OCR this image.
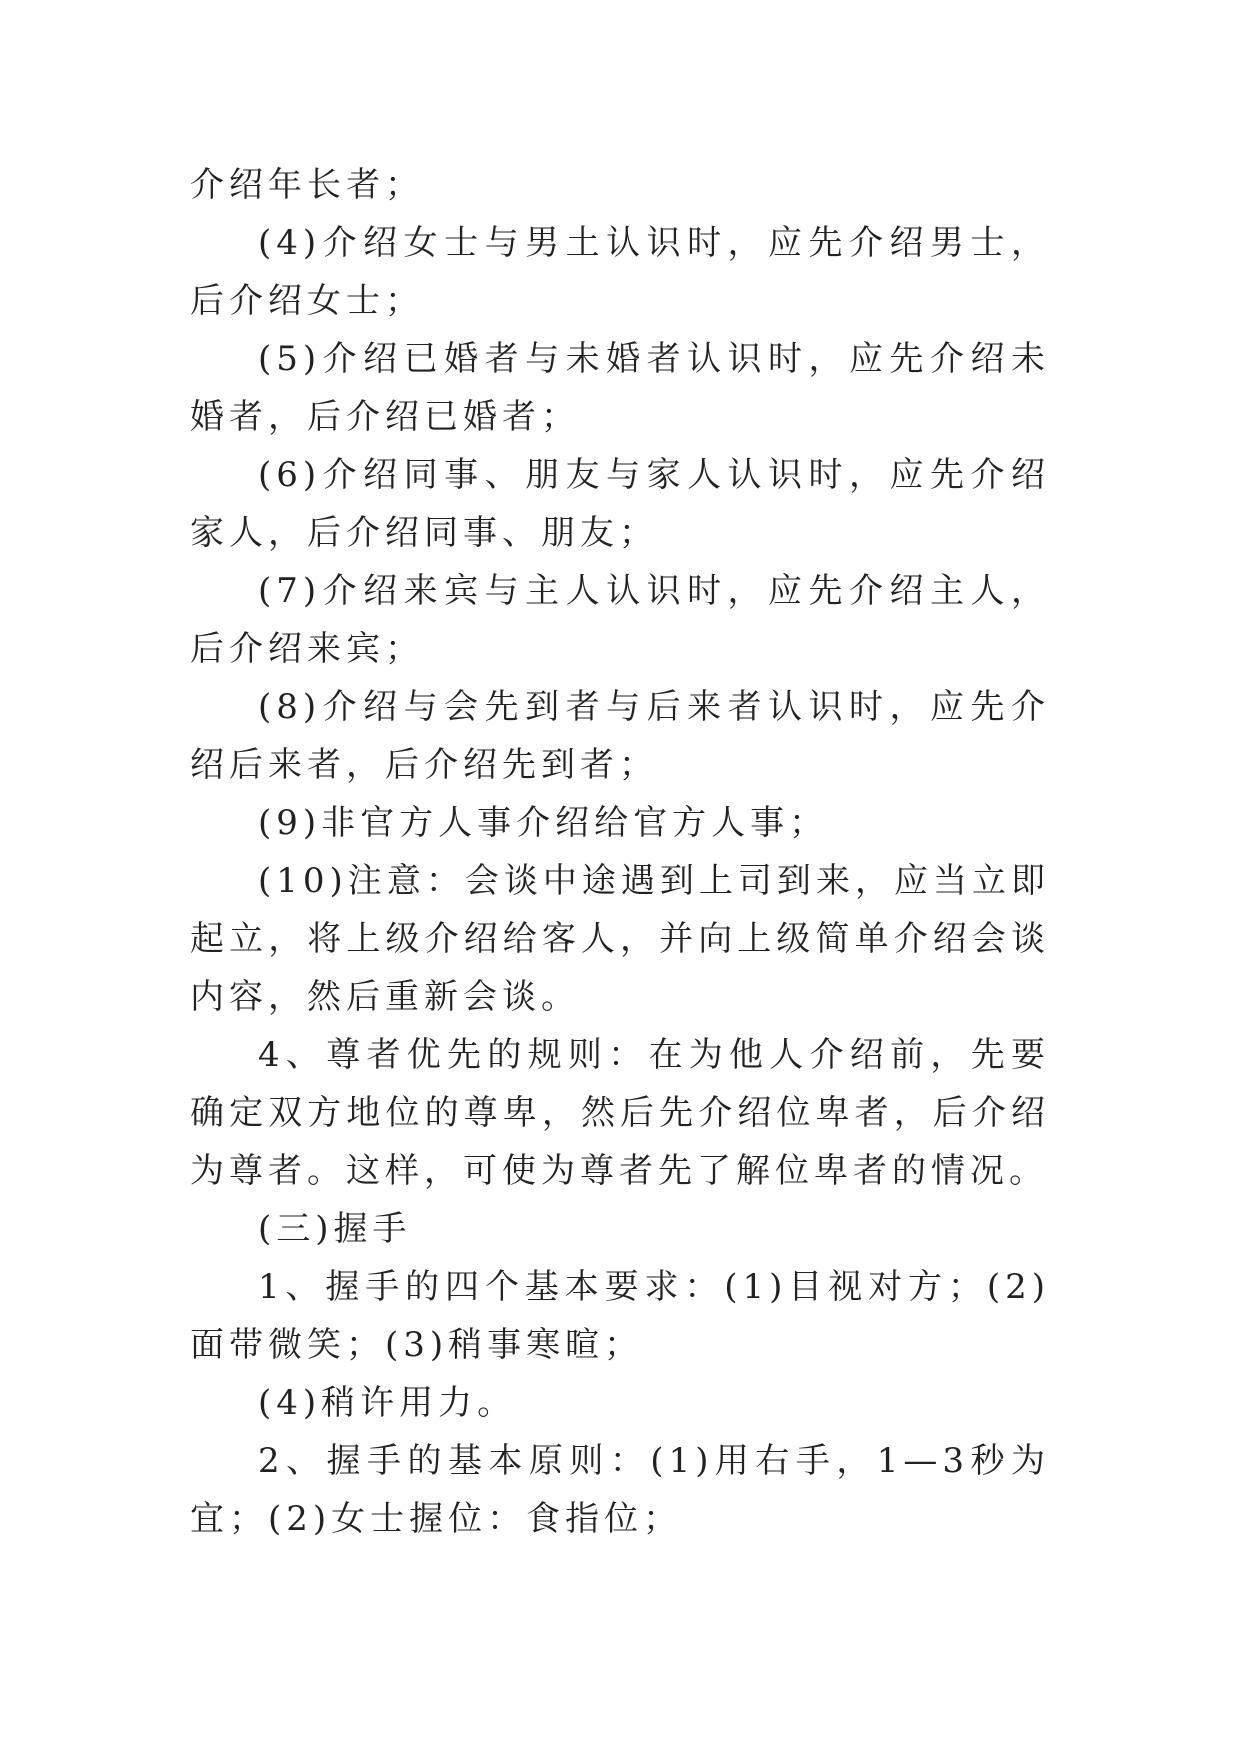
介绍年长者；

(4)介绍女士与男土认识时，应先介绍男士，后介绍女士；

(5)介绍已婚者与未婚者认识时，应先介绍未婚者，后介绍已婚者；

(6)介绍同事、朋友与家人认识时，应先介绍家人，后介绍同事、朋友；

(7)介绍来宾与主人认识时，应先介绍主人，后介绍来宾；

(8)介绍与会先到者与后来者认识时，应先介绍后来者，后介绍先到者；

(9)非官方人事介绍给官方人事；

(10)注意：会谈中途遇到上司到来，应当立即起立，将上级介绍给客人，并向上级简单介绍会谈内容，然后重新会谈。

4、尊者优先的规则：在为他人介绍前，先要确定双方地位的尊卑，然后先介绍位卑者，后介绍为尊者。这样，可使为尊者先了解位卑者的情况。

(三)握手

1、握手的四个基本要求：(1)目视对方；(2)面带微笑；(3)稍事寒暄；

(4)稍许用力。

2、握手的基本原则：(1)用右手，1—3秒为宜；(2)女士握位：食指位；
